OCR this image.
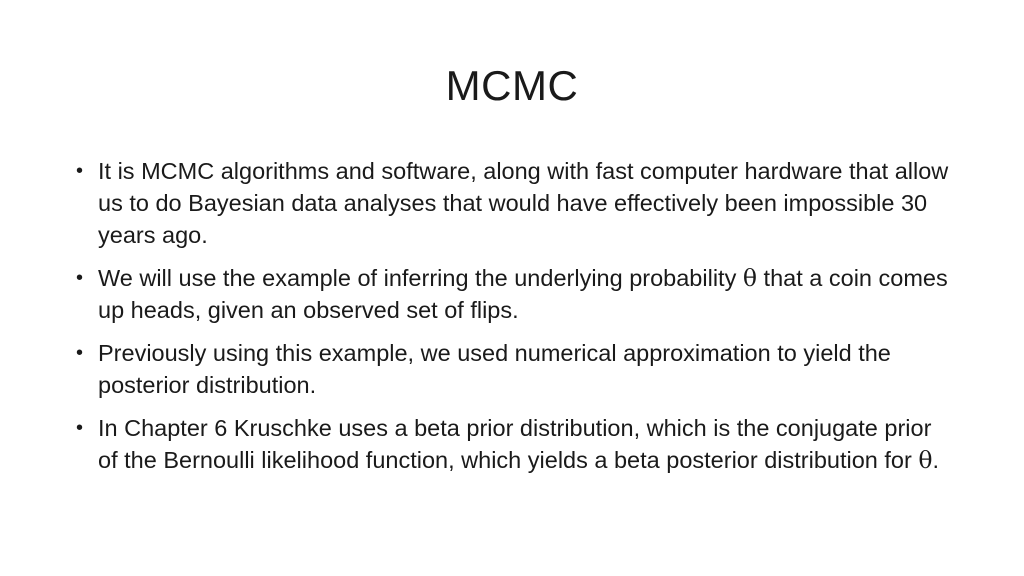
MCMC
• It is MCMC algorithms and software, along with fast computer hardware that allow us to do Bayesian data analyses that would have effectively been impossible 30 years ago.
• We will use the example of inferring the underlying probability θ that a coin comes up heads, given an observed set of flips.
• Previously using this example, we used numerical approximation to yield the posterior distribution.
• In Chapter 6 Kruschke uses a beta prior distribution, which is the conjugate prior of the Bernoulli likelihood function, which yields a beta posterior distribution for θ.
